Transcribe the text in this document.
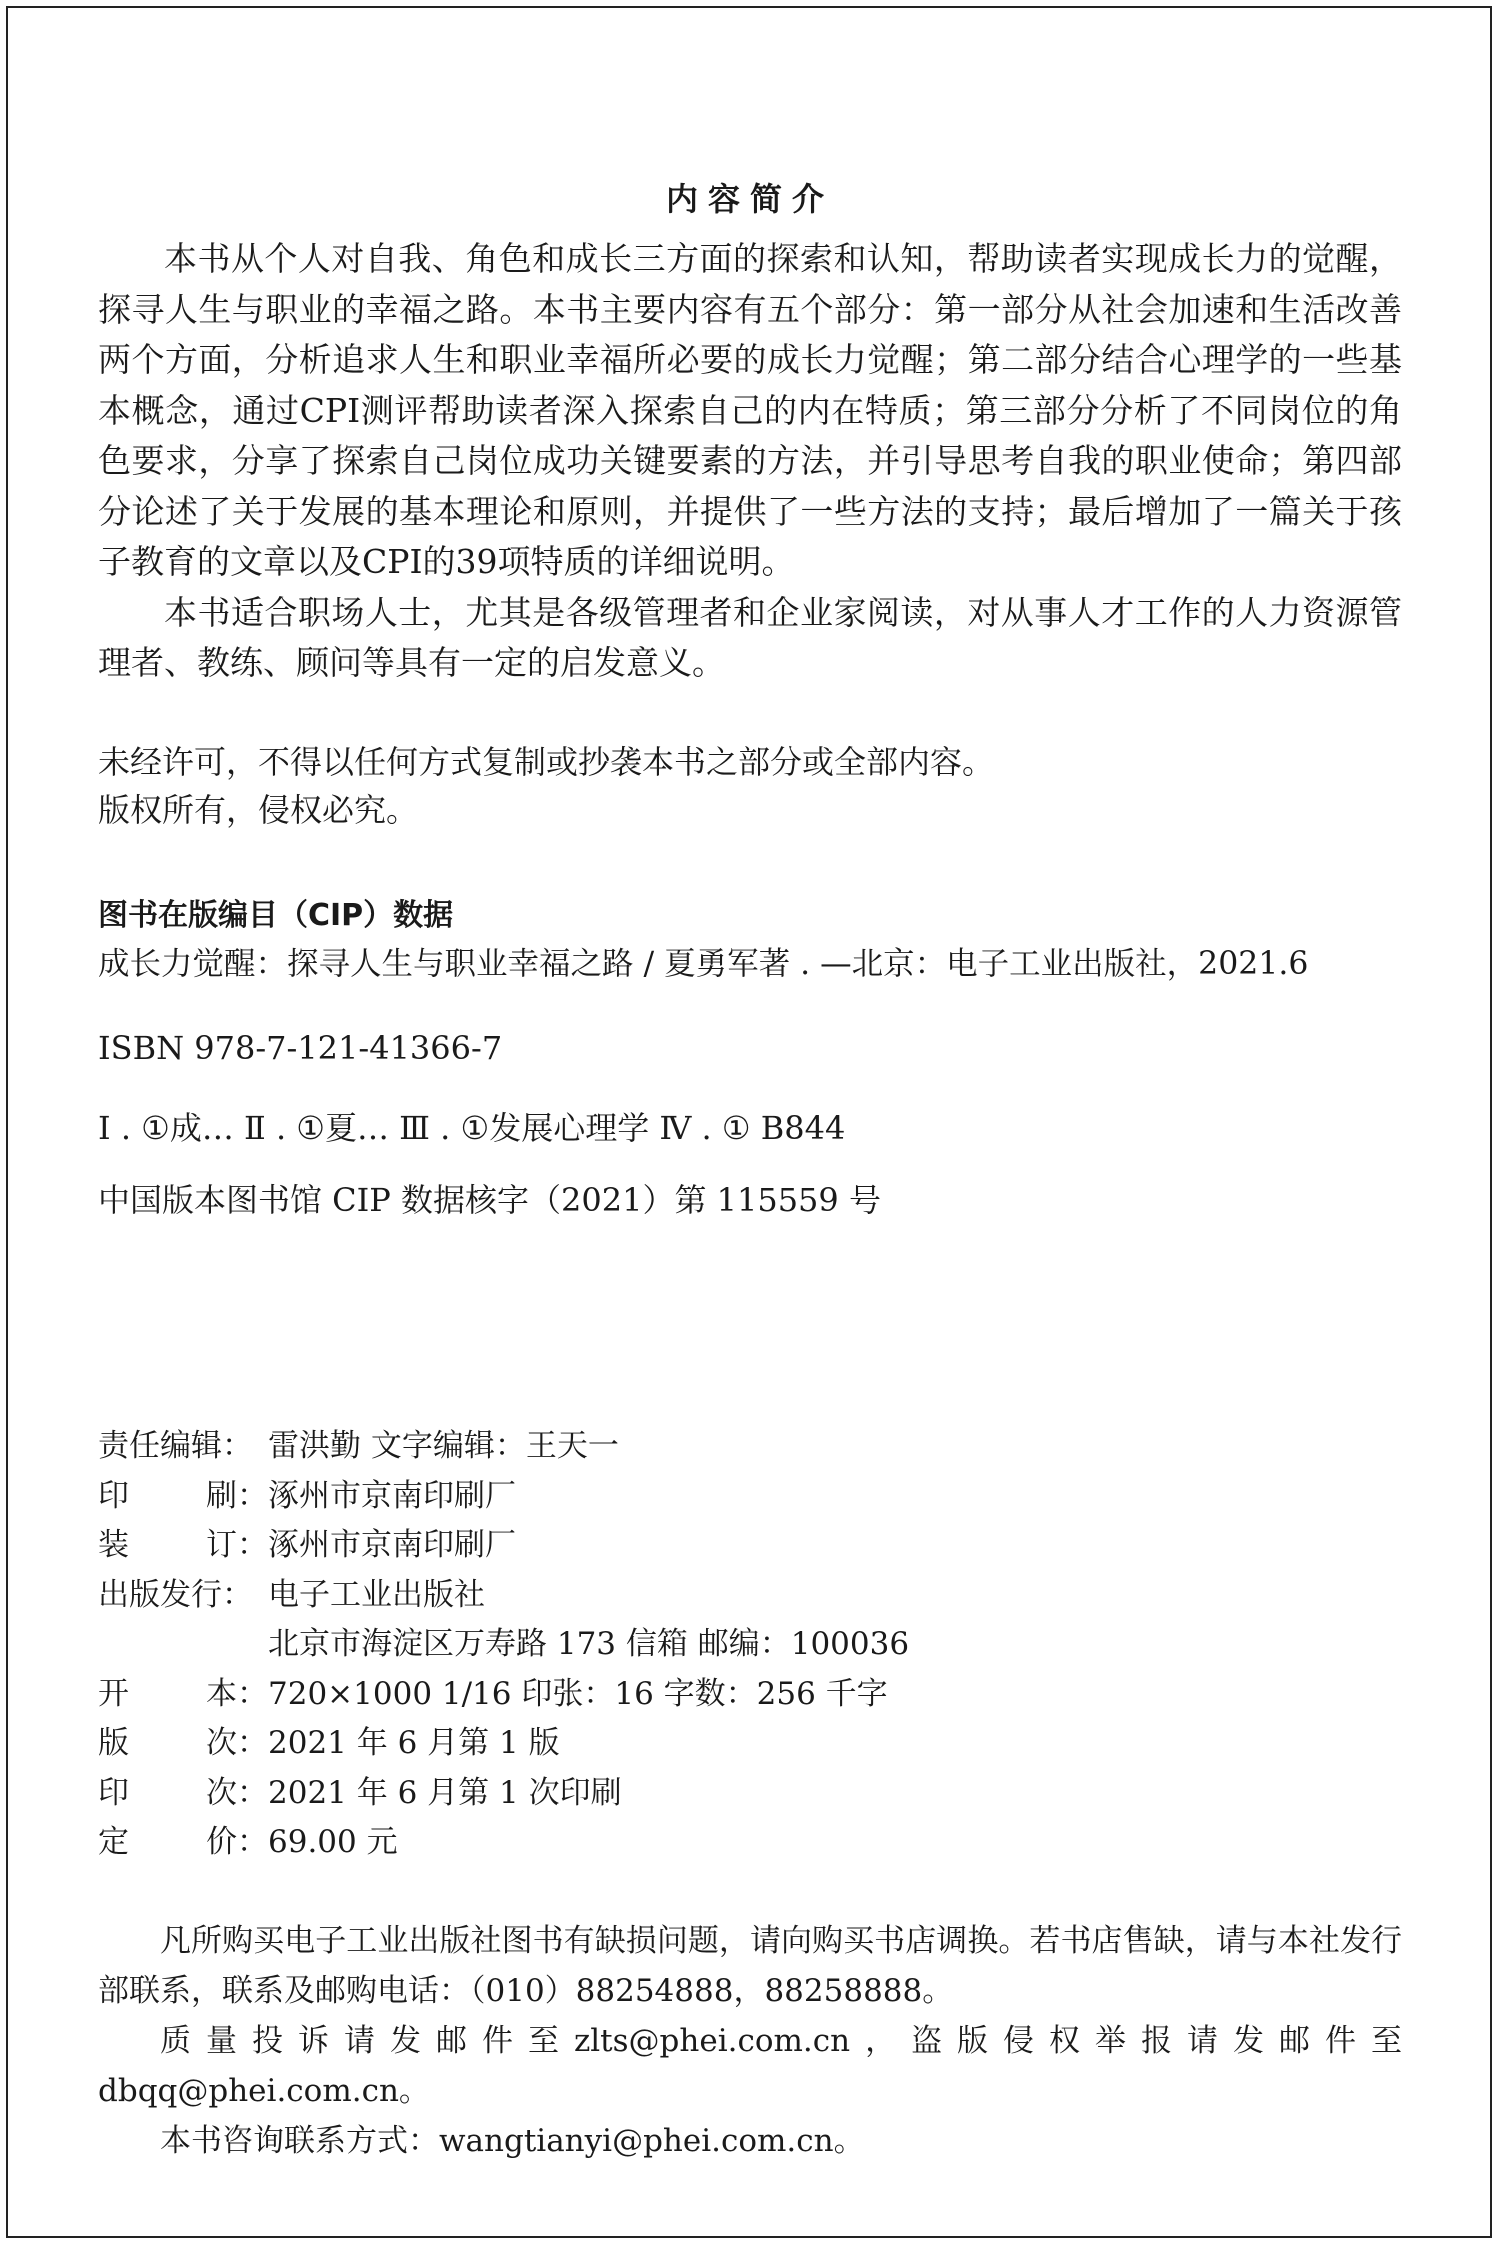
内容简介

本书从个人对自我、角色和成长三方面的探索和认知，帮助读者实现成长力的觉醒，探寻人生与职业的幸福之路。本书主要内容有五个部分：第一部分从社会加速和生活改善两个方面，分析追求人生和职业幸福所必要的成长力觉醒；第二部分结合心理学的一些基本概念，通过CPI测评帮助读者深入探索自己的内在特质；第三部分分析了不同岗位的角色要求，分享了探索自己岗位成功关键要素的方法，并引导思考自我的职业使命；第四部分论述了关于发展的基本理论和原则，并提供了一些方法的支持；最后增加了一篇关于孩子教育的文章以及CPI的39项特质的详细说明。

本书适合职场人士，尤其是各级管理者和企业家阅读，对从事人才工作的人力资源管理者、教练、顾问等具有一定的启发意义。

未经许可，不得以任何方式复制或抄袭本书之部分或全部内容。

版权所有，侵权必究。

图书在版编目（CIP）数据

成长力觉醒：探寻人生与职业幸福之路 / 夏勇军著 . —北京：电子工业出版社，2021.6

ISBN 978-7-121-41366-7

Ⅰ . ①成… Ⅱ . ①夏… Ⅲ . ①发展心理学 Ⅳ . ① B844

中国版本图书馆 CIP 数据核字（2021）第 115559 号

责任编辑： 雷洪勤 文字编辑：王天一
印 刷： 涿州市京南印刷厂
装 订： 涿州市京南印刷厂
出版发行： 电子工业出版社
北京市海淀区万寿路 173 信箱 邮编：100036
开 本： 720×1000 1/16 印张：16 字数：256 千字
版 次： 2021 年 6 月第 1 版
印 次： 2021 年 6 月第 1 次印刷
定 价： 69.00 元

凡所购买电子工业出版社图书有缺损问题，请向购买书店调换。若书店售缺，请与本社发行部联系，联系及邮购电话：（010）88254888，88258888。

质量投诉请发邮件至zlts@phei.com.cn，盗版侵权举报请发邮件至dbqq@phei.com.cn。

本书咨询联系方式：wangtianyi@phei.com.cn。
